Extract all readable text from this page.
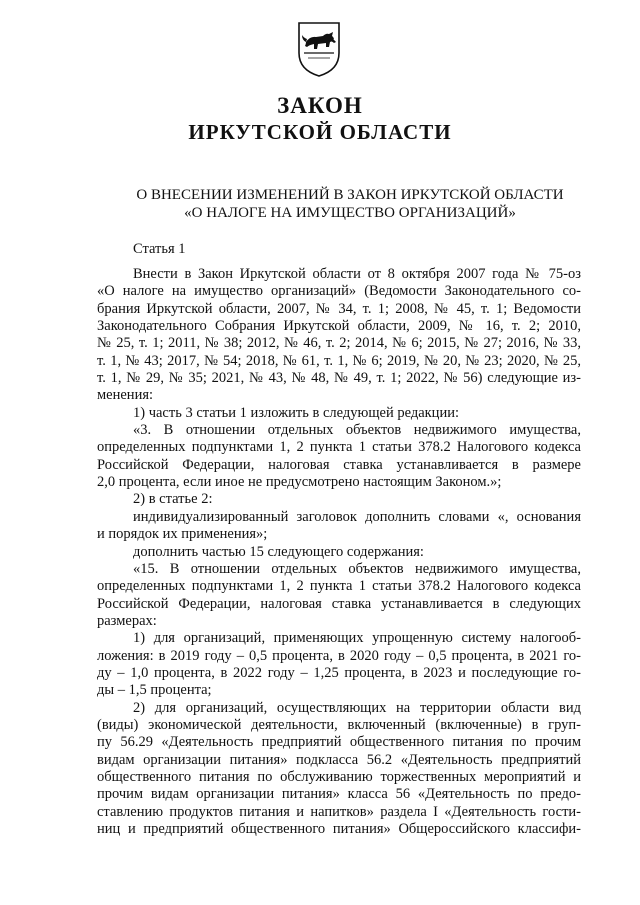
ЗАКОН
ИРКУТСКОЙ ОБЛАСТИ
О ВНЕСЕНИИ ИЗМЕНЕНИЙ В ЗАКОН ИРКУТСКОЙ ОБЛАСТИ
«О НАЛОГЕ НА ИМУЩЕСТВО ОРГАНИЗАЦИЙ»
Статья 1
Внести в Закон Иркутской области от 8 октября 2007 года № 75-оз
«О налоге на имущество организаций» (Ведомости Законодательного со-
брания Иркутской области, 2007, № 34, т. 1; 2008, № 45, т. 1; Ведомости
Законодательного Собрания Иркутской области, 2009, № 16, т. 2; 2010,
№ 25, т. 1; 2011, № 38; 2012, № 46, т. 2; 2014, № 6; 2015, № 27; 2016, № 33,
т. 1, № 43; 2017, № 54; 2018, № 61, т. 1, № 6; 2019, № 20, № 23; 2020, № 25,
т. 1, № 29, № 35; 2021, № 43, № 48, № 49, т. 1; 2022, № 56) следующие из-
менения:
1) часть 3 статьи 1 изложить в следующей редакции:
«3. В отношении отдельных объектов недвижимого имущества,
определенных подпунктами 1, 2 пункта 1 статьи 378.2 Налогового кодекса
Российской Федерации, налоговая ставка устанавливается в размере
2,0 процента, если иное не предусмотрено настоящим Законом.»;
2) в статье 2:
индивидуализированный заголовок дополнить словами «, основания
и порядок их применения»;
дополнить частью 15 следующего содержания:
«15. В отношении отдельных объектов недвижимого имущества,
определенных подпунктами 1, 2 пункта 1 статьи 378.2 Налогового кодекса
Российской Федерации, налоговая ставка устанавливается в следующих
размерах:
1) для организаций, применяющих упрощенную систему налогооб-
ложения: в 2019 году – 0,5 процента, в 2020 году – 0,5 процента, в 2021 го-
ду – 1,0 процента, в 2022 году – 1,25 процента, в 2023 и последующие го-
ды – 1,5 процента;
2) для организаций, осуществляющих на территории области вид
(виды) экономической деятельности, включенный (включенные) в груп-
пу 56.29 «Деятельность предприятий общественного питания по прочим
видам организации питания» подкласса 56.2 «Деятельность предприятий
общественного питания по обслуживанию торжественных мероприятий и
прочим видам организации питания» класса 56 «Деятельность по предо-
ставлению продуктов питания и напитков» раздела I «Деятельность гости-
ниц и предприятий общественного питания» Общероссийского классифи-
